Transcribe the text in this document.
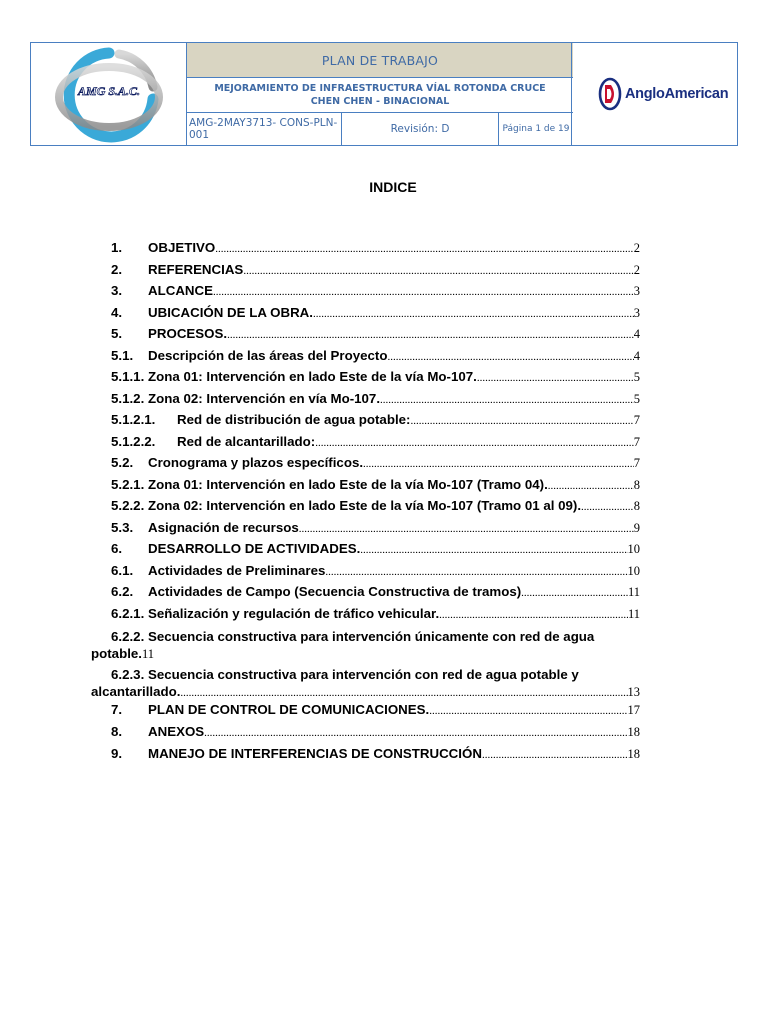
AMG S.A.C.
PLAN DE TRABAJO
MEJORAMIENTO DE INFRAESTRUCTURA VÍAL ROTONDA CRUCE CHEN CHEN - BINACIONAL
AMG-2MAY3713- CONS-PLN-001	Revisión: D	Página 1 de 19
AngloAmerican
INDICE
1.	OBJETIVO .....	2
2.	REFERENCIAS .....	2
3.	ALCANCE .....	3
4.	UBICACIÓN DE LA OBRA. .....	3
5.	PROCESOS. .....	4
5.1.	Descripción de las áreas del Proyecto .....	4
5.1.1. Zona 01: Intervención en lado Este de la vía Mo-107. .....	5
5.1.2. Zona 02: Intervención en vía Mo-107. .....	5
5.1.2.1.	Red de distribución de agua potable: .....	7
5.1.2.2.	Red de alcantarillado: .....	7
5.2.	Cronograma y plazos específicos. .....	7
5.2.1. Zona 01: Intervención en lado Este de la vía Mo-107 (Tramo 04). .....	8
5.2.2. Zona 02: Intervención en lado Este de la vía Mo-107 (Tramo 01 al 09). .....	8
5.3.	Asignación de recursos .....	9
6.	DESARROLLO DE ACTIVIDADES. .....	10
6.1.	Actividades de Preliminares .....	10
6.2.	Actividades de Campo (Secuencia Constructiva de tramos) .....	11
6.2.1. Señalización y regulación de tráfico vehicular. .....	11
6.2.2. Secuencia constructiva para intervención únicamente con red de agua
potable. 11
6.2.3. Secuencia constructiva para intervención con red de agua potable y
alcantarillado. .....	13
7.	PLAN DE CONTROL DE COMUNICACIONES. .....	17
8.	ANEXOS .....	18
9.	MANEJO DE INTERFERENCIAS DE CONSTRUCCIÓN .....	18
